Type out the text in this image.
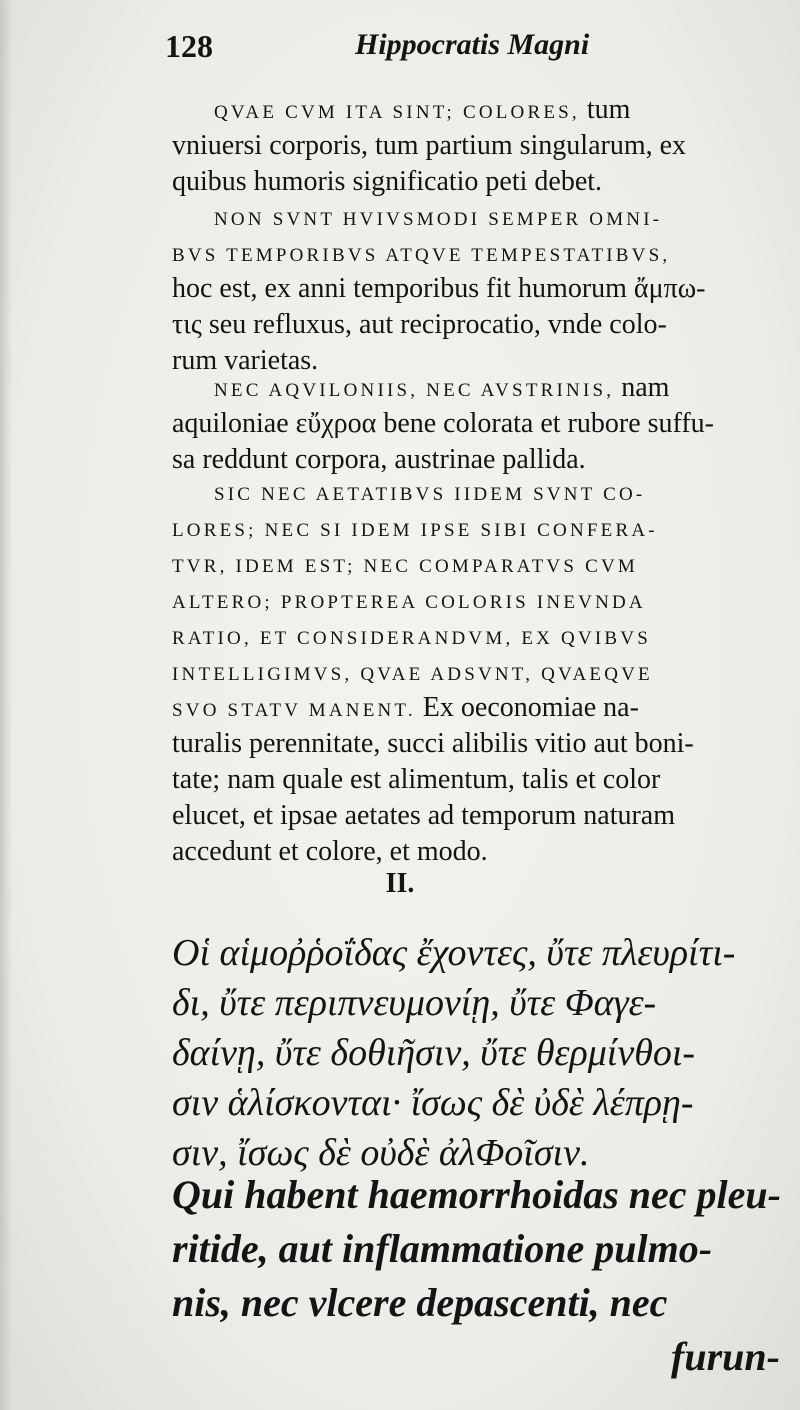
128	Hippocratis Magni
QVAE CVM ITA SINT; COLORES, tum
vniuersi corporis, tum partium singularum, ex
quibus humoris significatio peti debet.
NON SVNT HVIVSMODI SEMPER OMNI-
BVS TEMPORIBVS ATQVE TEMPESTATIBVS,
hoc est, ex anni temporibus fit humorum ἄμπω-
τις seu refluxus, aut reciprocatio, vnde colo-
rum varietas.
NEC AQVILONIIS, NEC AVSTRINIS, nam
aquiloniae εὔχροα bene colorata et rubore suffu-
sa reddunt corpora, austrinae pallida.
SIC NEC AETATIBVS IIDEM SVNT CO-
LORES; NEC SI IDEM IPSE SIBI CONFERA-
TVR, IDEM EST; NEC COMPARATVS CVM
ALTERO; PROPTEREA COLORIS INEVNDA
RATIO, ET CONSIDERANDVM, EX QVIBVS
INTELLIGIMVS, QVAE ADSVNT, QVAEQVE
SVO STATV MANENT. Ex oeconomiae na-
turalis perennitate, succi alibilis vitio aut boni-
tate; nam quale est alimentum, talis et color
elucet, et ipsae aetates ad temporum naturam
accedunt et colore, et modo.
II.
Οἱ αἱμοῤῥοΐδας ἔχοντες, ὔτε πλευρίτι-
δι, ὔτε περιπνευμονίῃ, ὔτε Φαγε-
δαίνῃ, ὔτε δοθιῆσιν, ὔτε θερμίνθοι-
σιν ἁλίσκονται· ἴσως δὲ ὐδὲ λέπρῃ-
σιν, ἴσως δὲ οὐδὲ ἀλΦοῖσιν.
Qui habent haemorrhoidas nec pleu-
ritide, aut inflammatione pulmo-
nis, nec vlcere depascenti, nec
furun-
